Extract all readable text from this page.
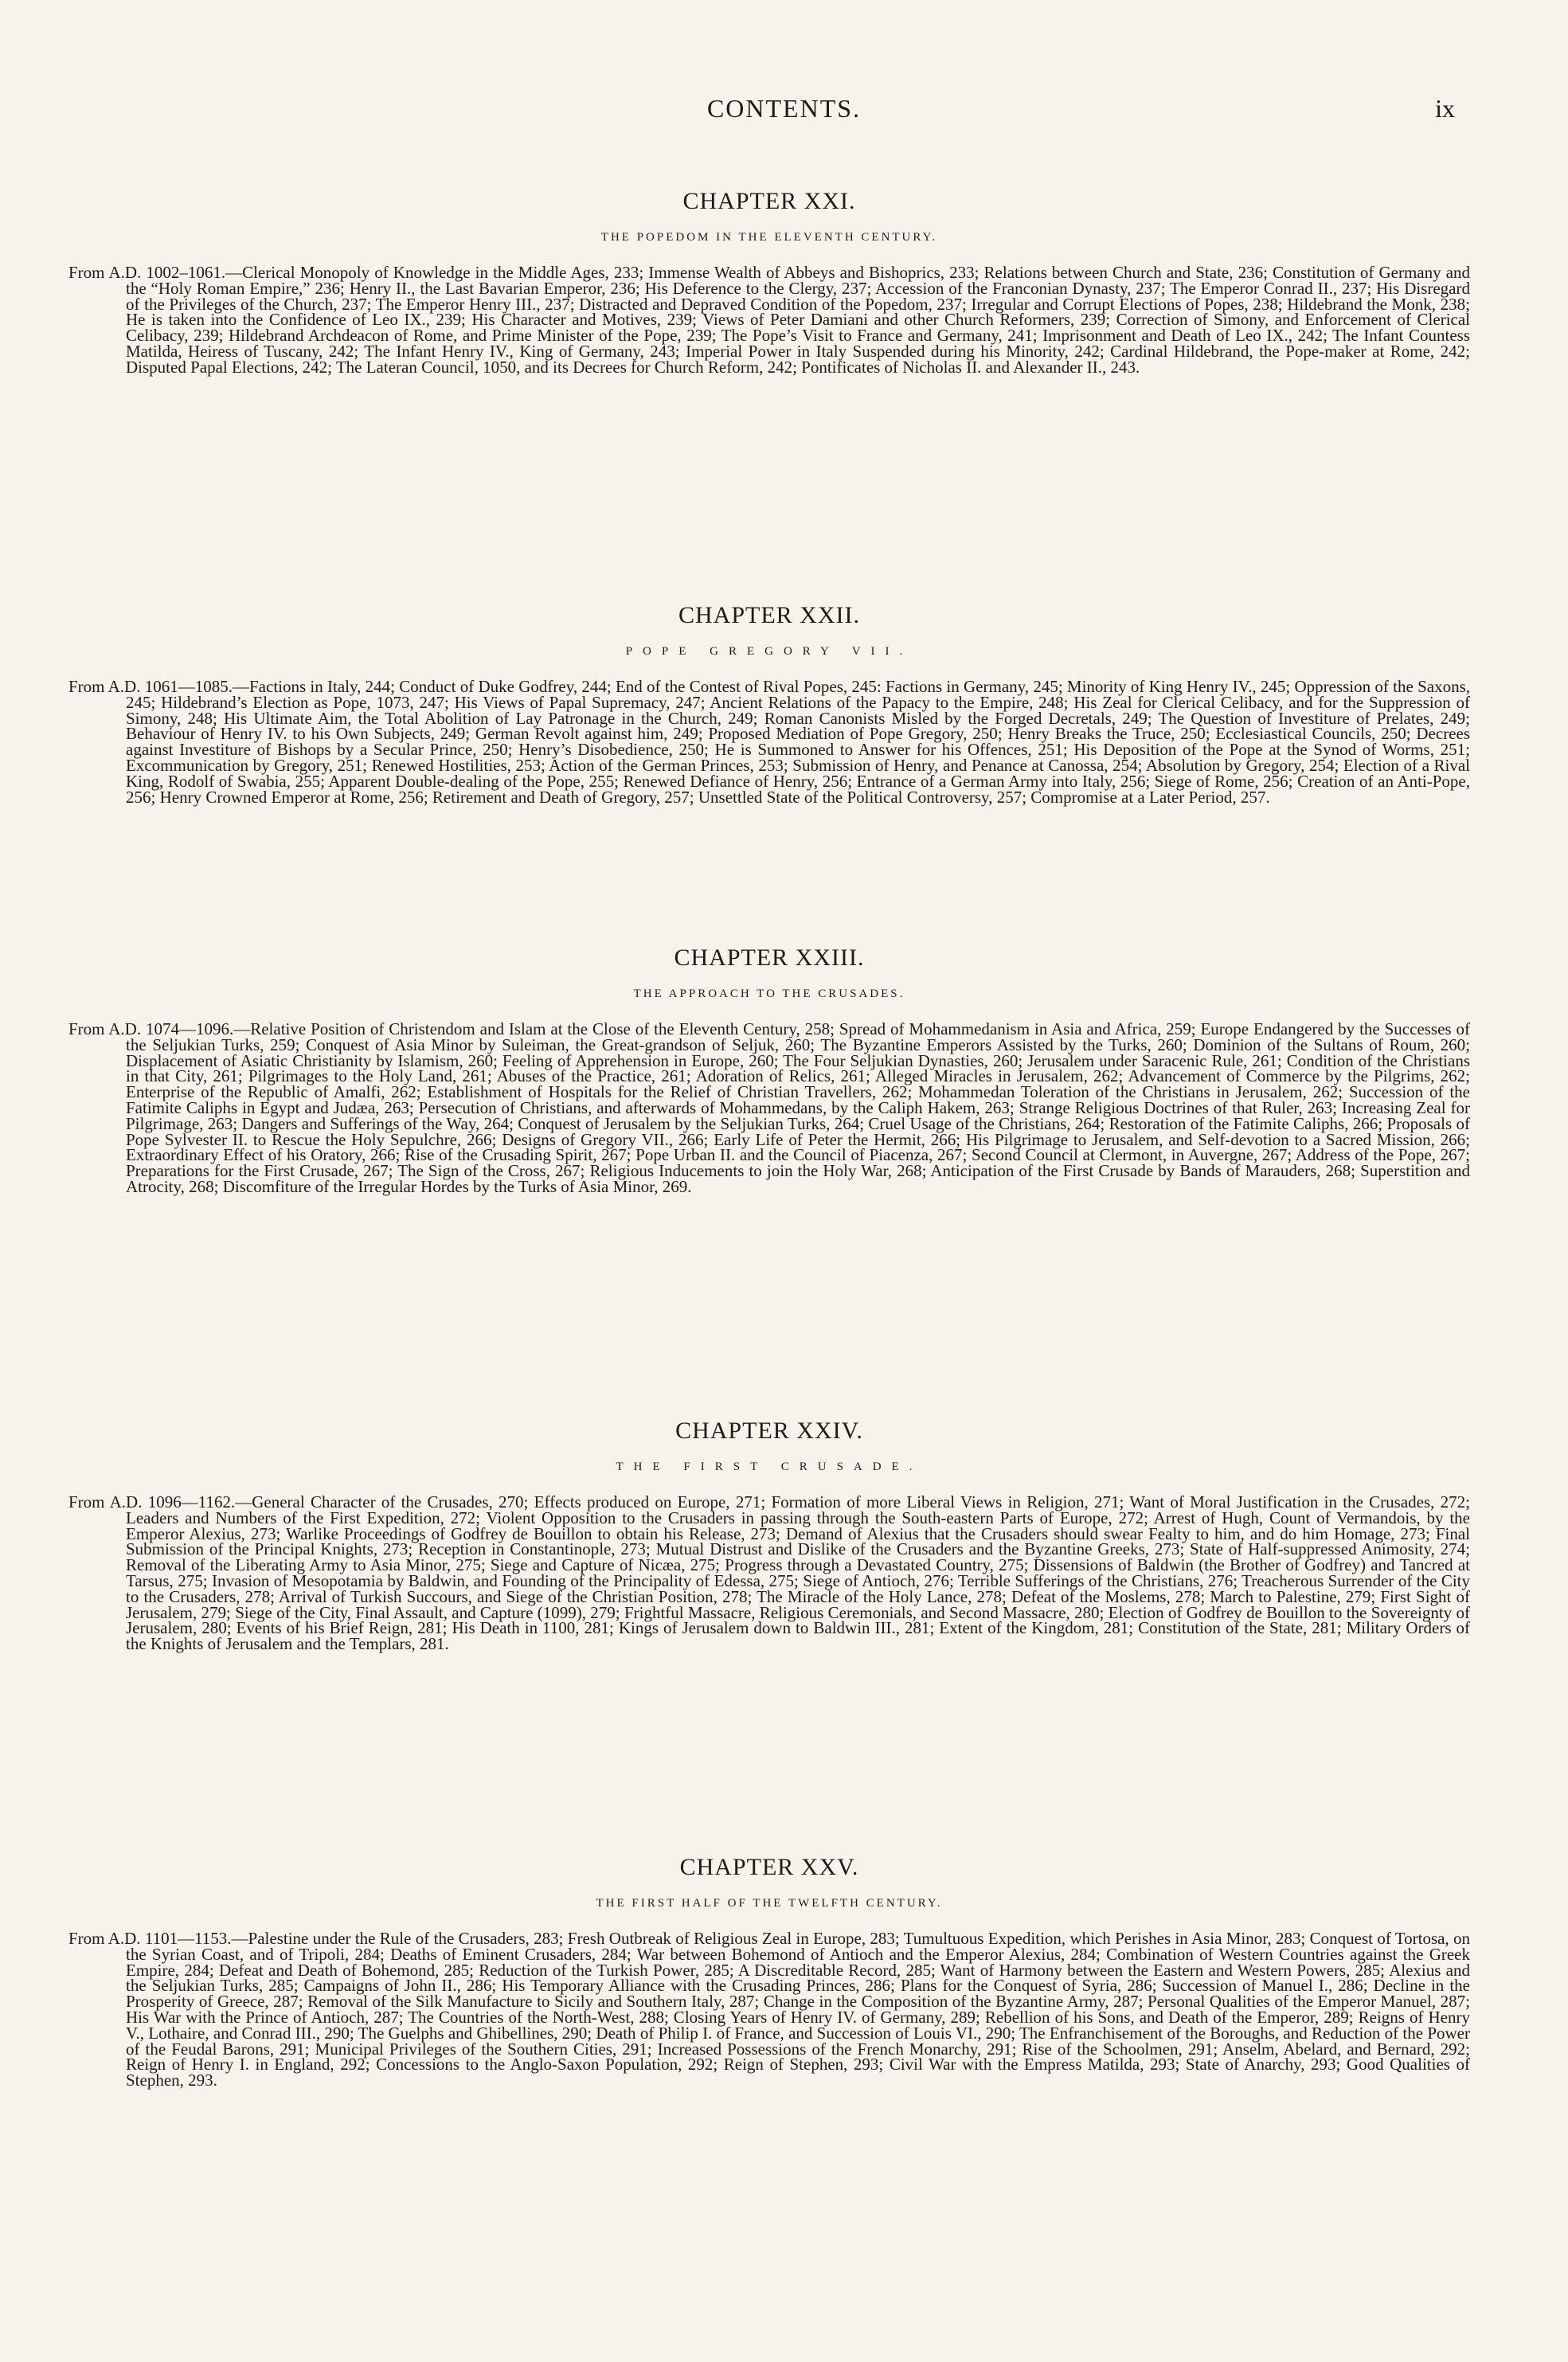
CONTENTS.	ix
CHAPTER XXI.
THE POPEDOM IN THE ELEVENTH CENTURY.

From A.D. 1002–1061.—Clerical Monopoly of Knowledge in the Middle Ages, 233; Immense Wealth of Abbeys and Bishoprics, 233; Relations between Church and State, 236; Constitution of Germany and the “Holy Roman Empire,” 236; Henry II., the Last Bavarian Emperor, 236; His Deference to the Clergy, 237; Accession of the Franconian Dynasty, 237; The Emperor Conrad II., 237; His Disregard of the Privileges of the Church, 237; The Emperor Henry III., 237; Distracted and Depraved Condition of the Popedom, 237; Irregular and Corrupt Elections of Popes, 238; Hildebrand the Monk, 238; He is taken into the Confidence of Leo IX., 239; His Character and Motives, 239; Views of Peter Damiani and other Church Reformers, 239; Correction of Simony, and Enforcement of Clerical Celibacy, 239; Hildebrand Archdeacon of Rome, and Prime Minister of the Pope, 239; The Pope’s Visit to France and Germany, 241; Imprisonment and Death of Leo IX., 242; The Infant Countess Matilda, Heiress of Tuscany, 242; The Infant Henry IV., King of Germany, 243; Imperial Power in Italy Suspended during his Minority, 242; Cardinal Hildebrand, the Pope-maker at Rome, 242; Disputed Papal Elections, 242; The Lateran Council, 1050, and its Decrees for Church Reform, 242; Pontificates of Nicholas II. and Alexander II., 243.

CHAPTER XXII.
POPE GREGORY VII.

From A.D. 1061—1085.—Factions in Italy, 244; Conduct of Duke Godfrey, 244; End of the Contest of Rival Popes, 245: Factions in Germany, 245; Minority of King Henry IV., 245; Oppression of the Saxons, 245; Hildebrand’s Election as Pope, 1073, 247; His Views of Papal Supremacy, 247; Ancient Relations of the Papacy to the Empire, 248; His Zeal for Clerical Celibacy, and for the Suppression of Simony, 248; His Ultimate Aim, the Total Abolition of Lay Patronage in the Church, 249; Roman Canonists Misled by the Forged Decretals, 249; The Question of Investiture of Prelates, 249; Behaviour of Henry IV. to his Own Subjects, 249; German Revolt against him, 249; Proposed Mediation of Pope Gregory, 250; Henry Breaks the Truce, 250; Ecclesiastical Councils, 250; Decrees against Investiture of Bishops by a Secular Prince, 250; Henry’s Disobedience, 250; He is Summoned to Answer for his Offences, 251; His Deposition of the Pope at the Synod of Worms, 251; Excommunication by Gregory, 251; Renewed Hostilities, 253; Action of the German Princes, 253; Submission of Henry, and Penance at Canossa, 254; Absolution by Gregory, 254; Election of a Rival King, Rodolf of Swabia, 255; Apparent Double-dealing of the Pope, 255; Renewed Defiance of Henry, 256; Entrance of a German Army into Italy, 256; Siege of Rome, 256; Creation of an Anti-Pope, 256; Henry Crowned Emperor at Rome, 256; Retirement and Death of Gregory, 257; Unsettled State of the Political Controversy, 257; Compromise at a Later Period, 257.

CHAPTER XXIII.
THE APPROACH TO THE CRUSADES.

From A.D. 1074—1096.—Relative Position of Christendom and Islam at the Close of the Eleventh Century, 258; Spread of Mohammedanism in Asia and Africa, 259; Europe Endangered by the Successes of the Seljukian Turks, 259; Conquest of Asia Minor by Suleiman, the Great-grandson of Seljuk, 260; The Byzantine Emperors Assisted by the Turks, 260; Dominion of the Sultans of Roum, 260; Displacement of Asiatic Christianity by Islamism, 260; Feeling of Apprehension in Europe, 260; The Four Seljukian Dynasties, 260; Jerusalem under Saracenic Rule, 261; Condition of the Christians in that City, 261; Pilgrimages to the Holy Land, 261; Abuses of the Practice, 261; Adoration of Relics, 261; Alleged Miracles in Jerusalem, 262; Advancement of Commerce by the Pilgrims, 262; Enterprise of the Republic of Amalfi, 262; Establishment of Hospitals for the Relief of Christian Travellers, 262; Mohammedan Toleration of the Christians in Jerusalem, 262; Succession of the Fatimite Caliphs in Egypt and Judæa, 263; Persecution of Christians, and afterwards of Mohammedans, by the Caliph Hakem, 263; Strange Religious Doctrines of that Ruler, 263; Increasing Zeal for Pilgrimage, 263; Dangers and Sufferings of the Way, 264; Conquest of Jerusalem by the Seljukian Turks, 264; Cruel Usage of the Christians, 264; Restoration of the Fatimite Caliphs, 266; Proposals of Pope Sylvester II. to Rescue the Holy Sepulchre, 266; Designs of Gregory VII., 266; Early Life of Peter the Hermit, 266; His Pilgrimage to Jerusalem, and Self-devotion to a Sacred Mission, 266; Extraordinary Effect of his Oratory, 266; Rise of the Crusading Spirit, 267; Pope Urban II. and the Council of Piacenza, 267; Second Council at Clermont, in Auvergne, 267; Address of the Pope, 267; Preparations for the First Crusade, 267; The Sign of the Cross, 267; Religious Inducements to join the Holy War, 268; Anticipation of the First Crusade by Bands of Marauders, 268; Superstition and Atrocity, 268; Discomfiture of the Irregular Hordes by the Turks of Asia Minor, 269.

CHAPTER XXIV.
THE FIRST CRUSADE.

From A.D. 1096—1162.—General Character of the Crusades, 270; Effects produced on Europe, 271; Formation of more Liberal Views in Religion, 271; Want of Moral Justification in the Crusades, 272; Leaders and Numbers of the First Expedition, 272; Violent Opposition to the Crusaders in passing through the South-eastern Parts of Europe, 272; Arrest of Hugh, Count of Vermandois, by the Emperor Alexius, 273; Warlike Proceedings of Godfrey de Bouillon to obtain his Release, 273; Demand of Alexius that the Crusaders should swear Fealty to him, and do him Homage, 273; Final Submission of the Principal Knights, 273; Reception in Constantinople, 273; Mutual Distrust and Dislike of the Crusaders and the Byzantine Greeks, 273; State of Half-suppressed Animosity, 274; Removal of the Liberating Army to Asia Minor, 275; Siege and Capture of Nicæa, 275; Progress through a Devastated Country, 275; Dissensions of Baldwin (the Brother of Godfrey) and Tancred at Tarsus, 275; Invasion of Mesopotamia by Baldwin, and Founding of the Principality of Edessa, 275; Siege of Antioch, 276; Terrible Sufferings of the Christians, 276; Treacherous Surrender of the City to the Crusaders, 278; Arrival of Turkish Succours, and Siege of the Christian Position, 278; The Miracle of the Holy Lance, 278; Defeat of the Moslems, 278; March to Palestine, 279; First Sight of Jerusalem, 279; Siege of the City, Final Assault, and Capture (1099), 279; Frightful Massacre, Religious Ceremonials, and Second Massacre, 280; Election of Godfrey de Bouillon to the Sovereignty of Jerusalem, 280; Events of his Brief Reign, 281; His Death in 1100, 281; Kings of Jerusalem down to Baldwin III., 281; Extent of the Kingdom, 281; Constitution of the State, 281; Military Orders of the Knights of Jerusalem and the Templars, 281.

CHAPTER XXV.
THE FIRST HALF OF THE TWELFTH CENTURY.

From A.D. 1101—1153.—Palestine under the Rule of the Crusaders, 283; Fresh Outbreak of Religious Zeal in Europe, 283; Tumultuous Expedition, which Perishes in Asia Minor, 283; Conquest of Tortosa, on the Syrian Coast, and of Tripoli, 284; Deaths of Eminent Crusaders, 284; War between Bohemond of Antioch and the Emperor Alexius, 284; Combination of Western Countries against the Greek Empire, 284; Defeat and Death of Bohemond, 285; Reduction of the Turkish Power, 285; A Discreditable Record, 285; Want of Harmony between the Eastern and Western Powers, 285; Alexius and the Seljukian Turks, 285; Campaigns of John II., 286; His Temporary Alliance with the Crusading Princes, 286; Plans for the Conquest of Syria, 286; Succession of Manuel I., 286; Decline in the Prosperity of Greece, 287; Removal of the Silk Manufacture to Sicily and Southern Italy, 287; Change in the Composition of the Byzantine Army, 287; Personal Qualities of the Emperor Manuel, 287; His War with the Prince of Antioch, 287; The Countries of the North-West, 288; Closing Years of Henry IV. of Germany, 289; Rebellion of his Sons, and Death of the Emperor, 289; Reigns of Henry V., Lothaire, and Conrad III., 290; The Guelphs and Ghibellines, 290; Death of Philip I. of France, and Succession of Louis VI., 290; The Enfranchisement of the Boroughs, and Reduction of the Power of the Feudal Barons, 291; Municipal Privileges of the Southern Cities, 291; Increased Possessions of the French Monarchy, 291; Rise of the Schoolmen, 291; Anselm, Abelard, and Bernard, 292; Reign of Henry I. in England, 292; Concessions to the Anglo-Saxon Population, 292; Reign of Stephen, 293; Civil War with the Empress Matilda, 293; State of Anarchy, 293; Good Qualities of Stephen, 293.
